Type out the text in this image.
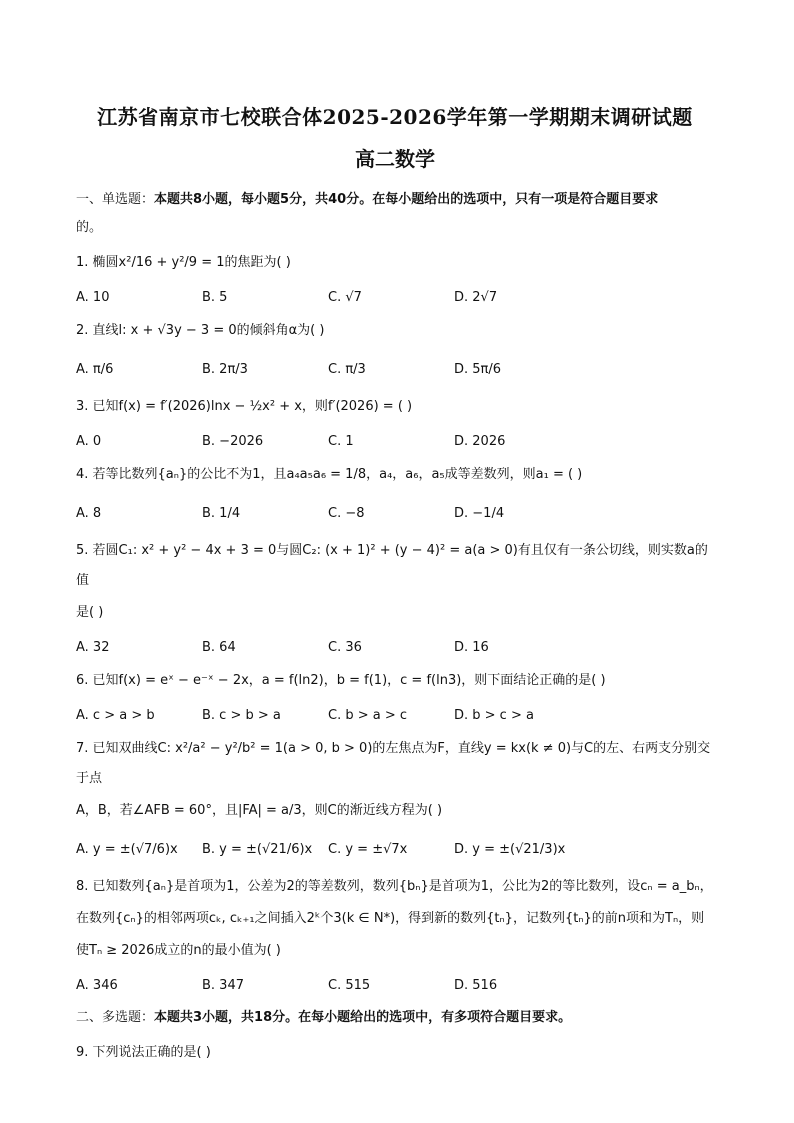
江苏省南京市七校联合体2025-2026学年第一学期期末调研试题
高二数学

一、单选题：本题共8小题，每小题5分，共40分。在每小题给出的选项中，只有一项是符合题目要求

的。

1. 椭圆x²/16 + y²/9 = 1的焦距为( )

A. 10	B. 5	C. √7	D. 2√7

2. 直线l: x + √3y − 3 = 0的倾斜角α为( )

A. π/6	B. 2π/3	C. π/3	D. 5π/6

3. 已知f(x) = f′(2026)lnx − ½x² + x，则f′(2026) = ( )

A. 0	B. −2026	C. 1	D. 2026

4. 若等比数列{aₙ}的公比不为1，且a₄a₅a₆ = 1/8，a₄，a₆，a₅成等差数列，则a₁ = ( )

A. 8	B. 1/4	C. −8	D. −1/4

5. 若圆C₁: x² + y² − 4x + 3 = 0与圆C₂: (x + 1)² + (y − 4)² = a(a > 0)有且仅有一条公切线，则实数a的值

是( )

A. 32	B. 64	C. 36	D. 16

6. 已知f(x) = eˣ − e⁻ˣ − 2x，a = f(ln2)，b = f(1)，c = f(ln3)，则下面结论正确的是( )

A. c > a > b	B. c > b > a	C. b > a > c	D. b > c > a

7. 已知双曲线C: x²/a² − y²/b² = 1(a > 0, b > 0)的左焦点为F，直线y = kx(k ≠ 0)与C的左、右两支分别交于点

A，B，若∠AFB = 60°，且|FA| = a/3，则C的渐近线方程为( )

A. y = ±(√7/6)x	B. y = ±(√21/6)x	C. y = ±√7x	D. y = ±(√21/3)x

8. 已知数列{aₙ}是首项为1，公差为2的等差数列，数列{bₙ}是首项为1，公比为2的等比数列，设cₙ = a_bₙ，

在数列{cₙ}的相邻两项cₖ, cₖ₊₁之间插入2ᵏ个3(k ∈ N*)，得到新的数列{tₙ}，记数列{tₙ}的前n项和为Tₙ，则

使Tₙ ≥ 2026成立的n的最小值为( )

A. 346	B. 347	C. 515	D. 516

二、多选题：本题共3小题，共18分。在每小题给出的选项中，有多项符合题目要求。

9. 下列说法正确的是( )
